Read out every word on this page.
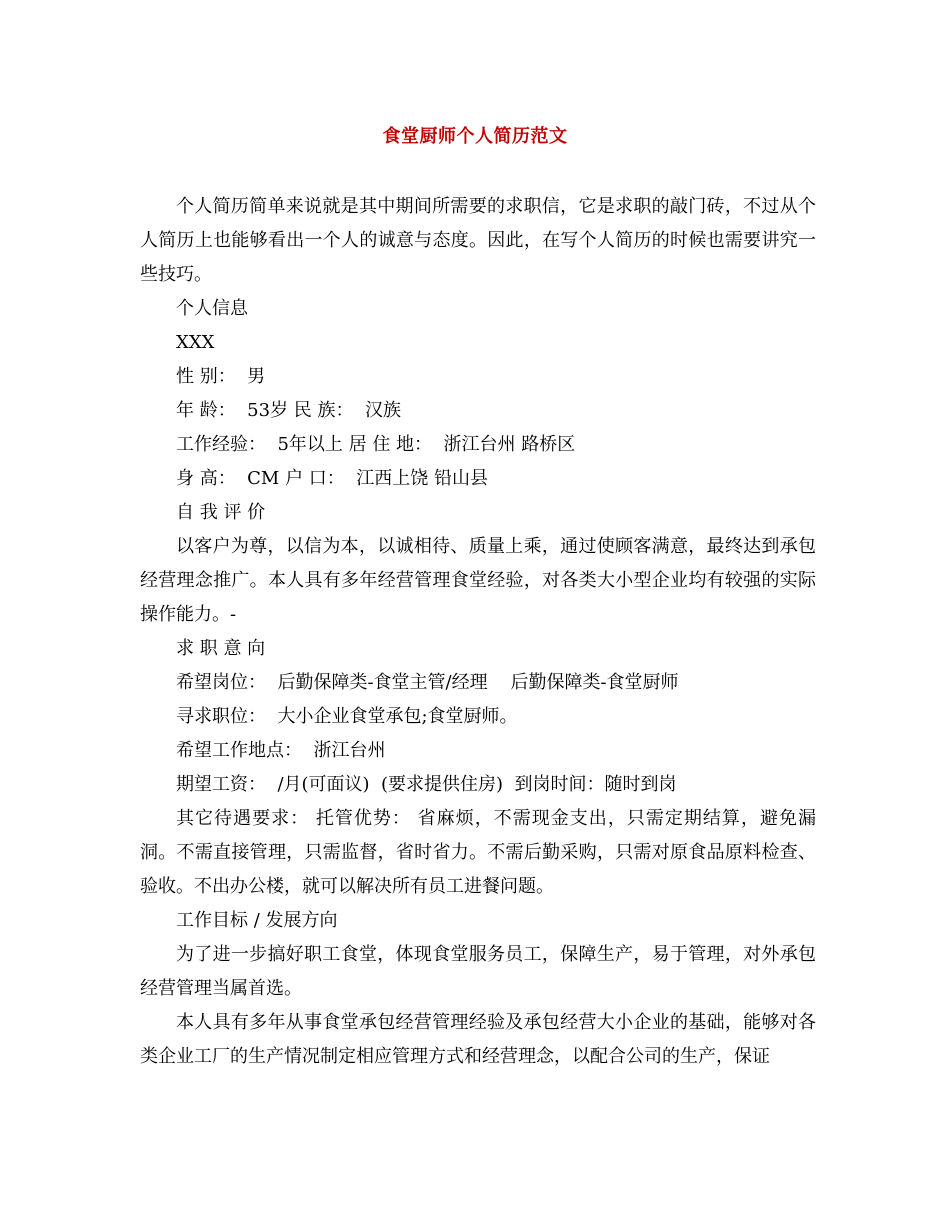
食堂厨师个人简历范文

个人简历简单来说就是其中期间所需要的求职信，它是求职的敲门砖，不过从个人简历上也能够看出一个人的诚意与态度。因此，在写个人简历的时候也需要讲究一些技巧。

个人信息

XXX

性 别：  男

年 龄：  53岁 民 族：  汉族

工作经验：  5年以上 居 住 地：  浙江台州 路桥区

身 高：  CM 户 口：  江西上饶 铅山县

自 我 评 价

以客户为尊，以信为本，以诚相待、质量上乘，通过使顾客满意，最终达到承包经营理念推广。本人具有多年经营管理食堂经验，对各类大小型企业均有较强的实际操作能力。-

求 职 意 向

希望岗位：  后勤保障类-食堂主管/经理    后勤保障类-食堂厨师

寻求职位：  大小企业食堂承包;食堂厨师。

希望工作地点：  浙江台州

期望工资：  /月(可面议)  (要求提供住房)  到岗时间：随时到岗

其它待遇要求： 托管优势： 省麻烦，不需现金支出，只需定期结算，避免漏洞。不需直接管理，只需监督，省时省力。不需后勤采购，只需对原食品原料检查、验收。不出办公楼，就可以解决所有员工进餐问题。

工作目标 / 发展方向

为了进一步搞好职工食堂，体现食堂服务员工，保障生产，易于管理，对外承包经营管理当属首选。

本人具有多年从事食堂承包经营管理经验及承包经营大小企业的基础，能够对各类企业工厂的生产情况制定相应管理方式和经营理念，以配合公司的生产，保证
